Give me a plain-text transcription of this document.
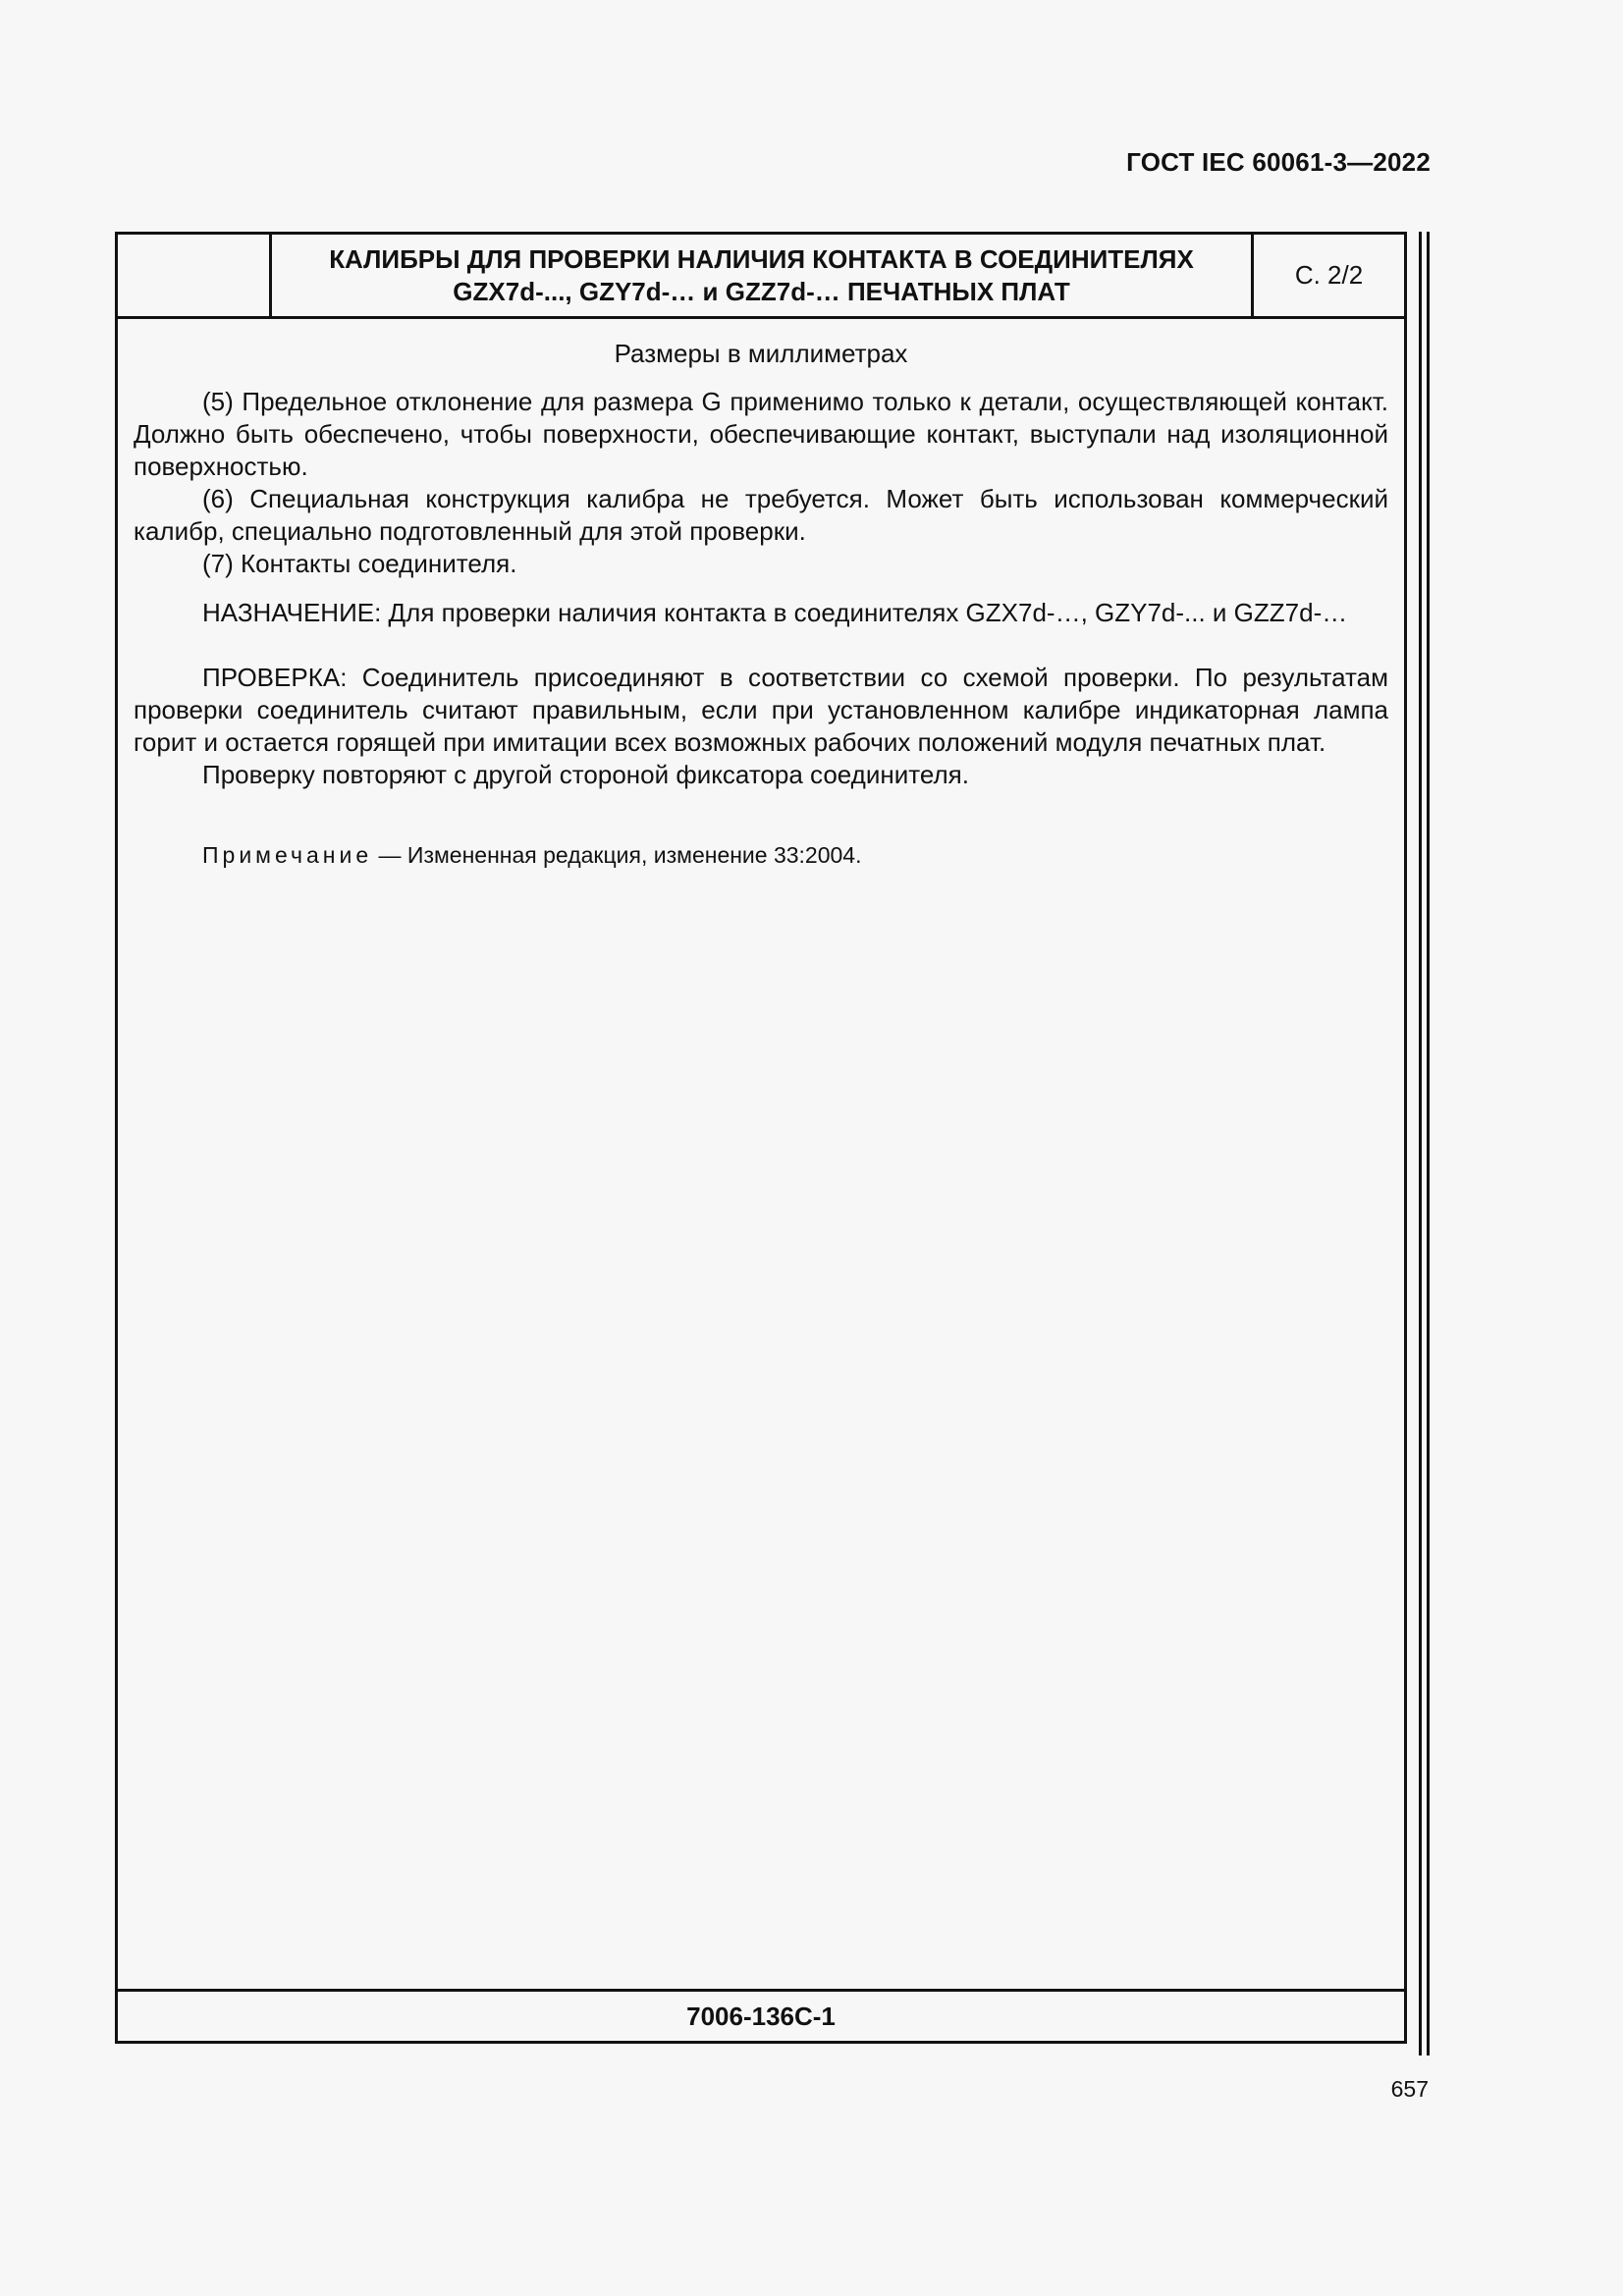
ГОСТ IEC 60061-3—2022
КАЛИБРЫ ДЛЯ ПРОВЕРКИ НАЛИЧИЯ КОНТАКТА В СОЕДИНИТЕЛЯХ
GZX7d-..., GZY7d-… и GZZ7d-… ПЕЧАТНЫХ ПЛАТ
С. 2/2
Размеры в миллиметрах

(5) Предельное отклонение для размера G применимо только к детали, осуществляющей контакт. Должно быть обеспечено, чтобы поверхности, обеспечивающие контакт, выступали над изоляционной поверхностью.

(6) Специальная конструкция калибра не требуется. Может быть использован коммерческий калибр, специально подготовленный для этой проверки.

(7) Контакты соединителя.

НАЗНАЧЕНИЕ: Для проверки наличия контакта в соединителях GZX7d-…, GZY7d-... и GZZ7d-…

ПРОВЕРКА: Соединитель присоединяют в соответствии со схемой проверки. По результатам проверки соединитель считают правильным, если при установленном калибре индикаторная лампа горит и остается горящей при имитации всех возможных рабочих положений модуля печатных плат.

Проверку повторяют с другой стороной фиксатора соединителя.

Примечание — Измененная редакция, изменение 33:2004.
7006-136С-1
657
